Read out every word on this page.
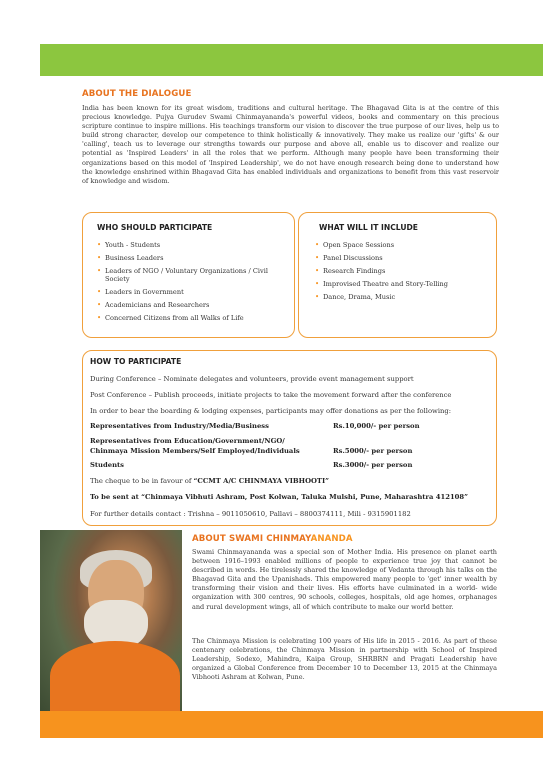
ABOUT THE DIALOGUE

India has been known for its great wisdom, traditions and cultural heritage. The Bhagavad Gita is at the centre of this precious knowledge. Pujya Gurudev Swami Chinmayananda's powerful videos, books and commentary on this precious scripture continue to inspire millions. His teachings transform our vision to discover the true purpose of our lives, help us to build strong character, develop our competence to think holistically & innovatively. They make us realize our 'gifts' & our 'calling', teach us to leverage our strengths towards our purpose and above all, enable us to discover and realize our potential as 'Inspired Leaders' in all the roles that we perform. Although many people have been transforming their organizations based on this model of 'Inspired Leadership', we do not have enough research being done to understand how the knowledge enshrined within Bhagavad Gita has enabled individuals and organizations to benefit from this vast reservoir of knowledge and wisdom.

WHO SHOULD PARTICIPATE

• Youth - Students
• Business Leaders
• Leaders of NGO / Voluntary Organizations / Civil Society
• Leaders in Government
• Academicians and Researchers
• Concerned Citizens from all Walks of Life

WHAT WILL IT INCLUDE

• Open Space Sessions
• Panel Discussions
• Research Findings
• Improvised Theatre and Story-Telling
• Dance, Drama, Music

HOW TO PARTICIPATE

During Conference – Nominate delegates and volunteers, provide event management support

Post Conference – Publish proceeds, initiate projects to take the movement forward after the conference

In order to bear the boarding & lodging expenses, participants may offer donations as per the following:

Representatives from Industry/Media/Business	Rs.10,000/- per person
Representatives from Education/Government/NGO/
Chinmaya Mission Members/Self Employed/Individuals	Rs.5000/- per person
Students	Rs.3000/- per person

The cheque to be in favour of “CCMT A/C CHINMAYA VIBHOOTI”

To be sent at “Chinmaya Vibhuti Ashram, Post Kolwan, Taluka Mulshi, Pune, Maharashtra 412108”

For further details contact : Trishna – 9011050610, Pallavi – 8800374111, Mili - 9315901182

ABOUT SWAMI CHINMAYANANDA

Swami Chinmayananda was a special son of Mother India. His presence on planet earth between 1916–1993 enabled millions of people to experience true joy that cannot be described in words. He tirelessly shared the knowledge of Vedanta through his talks on the Bhagavad Gita and the Upanishads. This empowered many people to 'get' inner wealth by transforming their vision and their lives. His efforts have culminated in a world- wide organization with 300 centres, 90 schools, colleges, hospitals, old age homes, orphanages and rural development wings, all of which contribute to make our world better.

The Chinmaya Mission is celebrating 100 years of His life in 2015 - 2016. As part of these centenary celebrations, the Chinmaya Mission in partnership with School of Inspired Leadership, Sodexo, Mahindra, Kaipa Group, SHRBRN and Pragati Leadership have organized a Global Conference from December 10 to December 13, 2015 at the Chinmaya Vibhooti Ashram at Kolwan, Pune.
